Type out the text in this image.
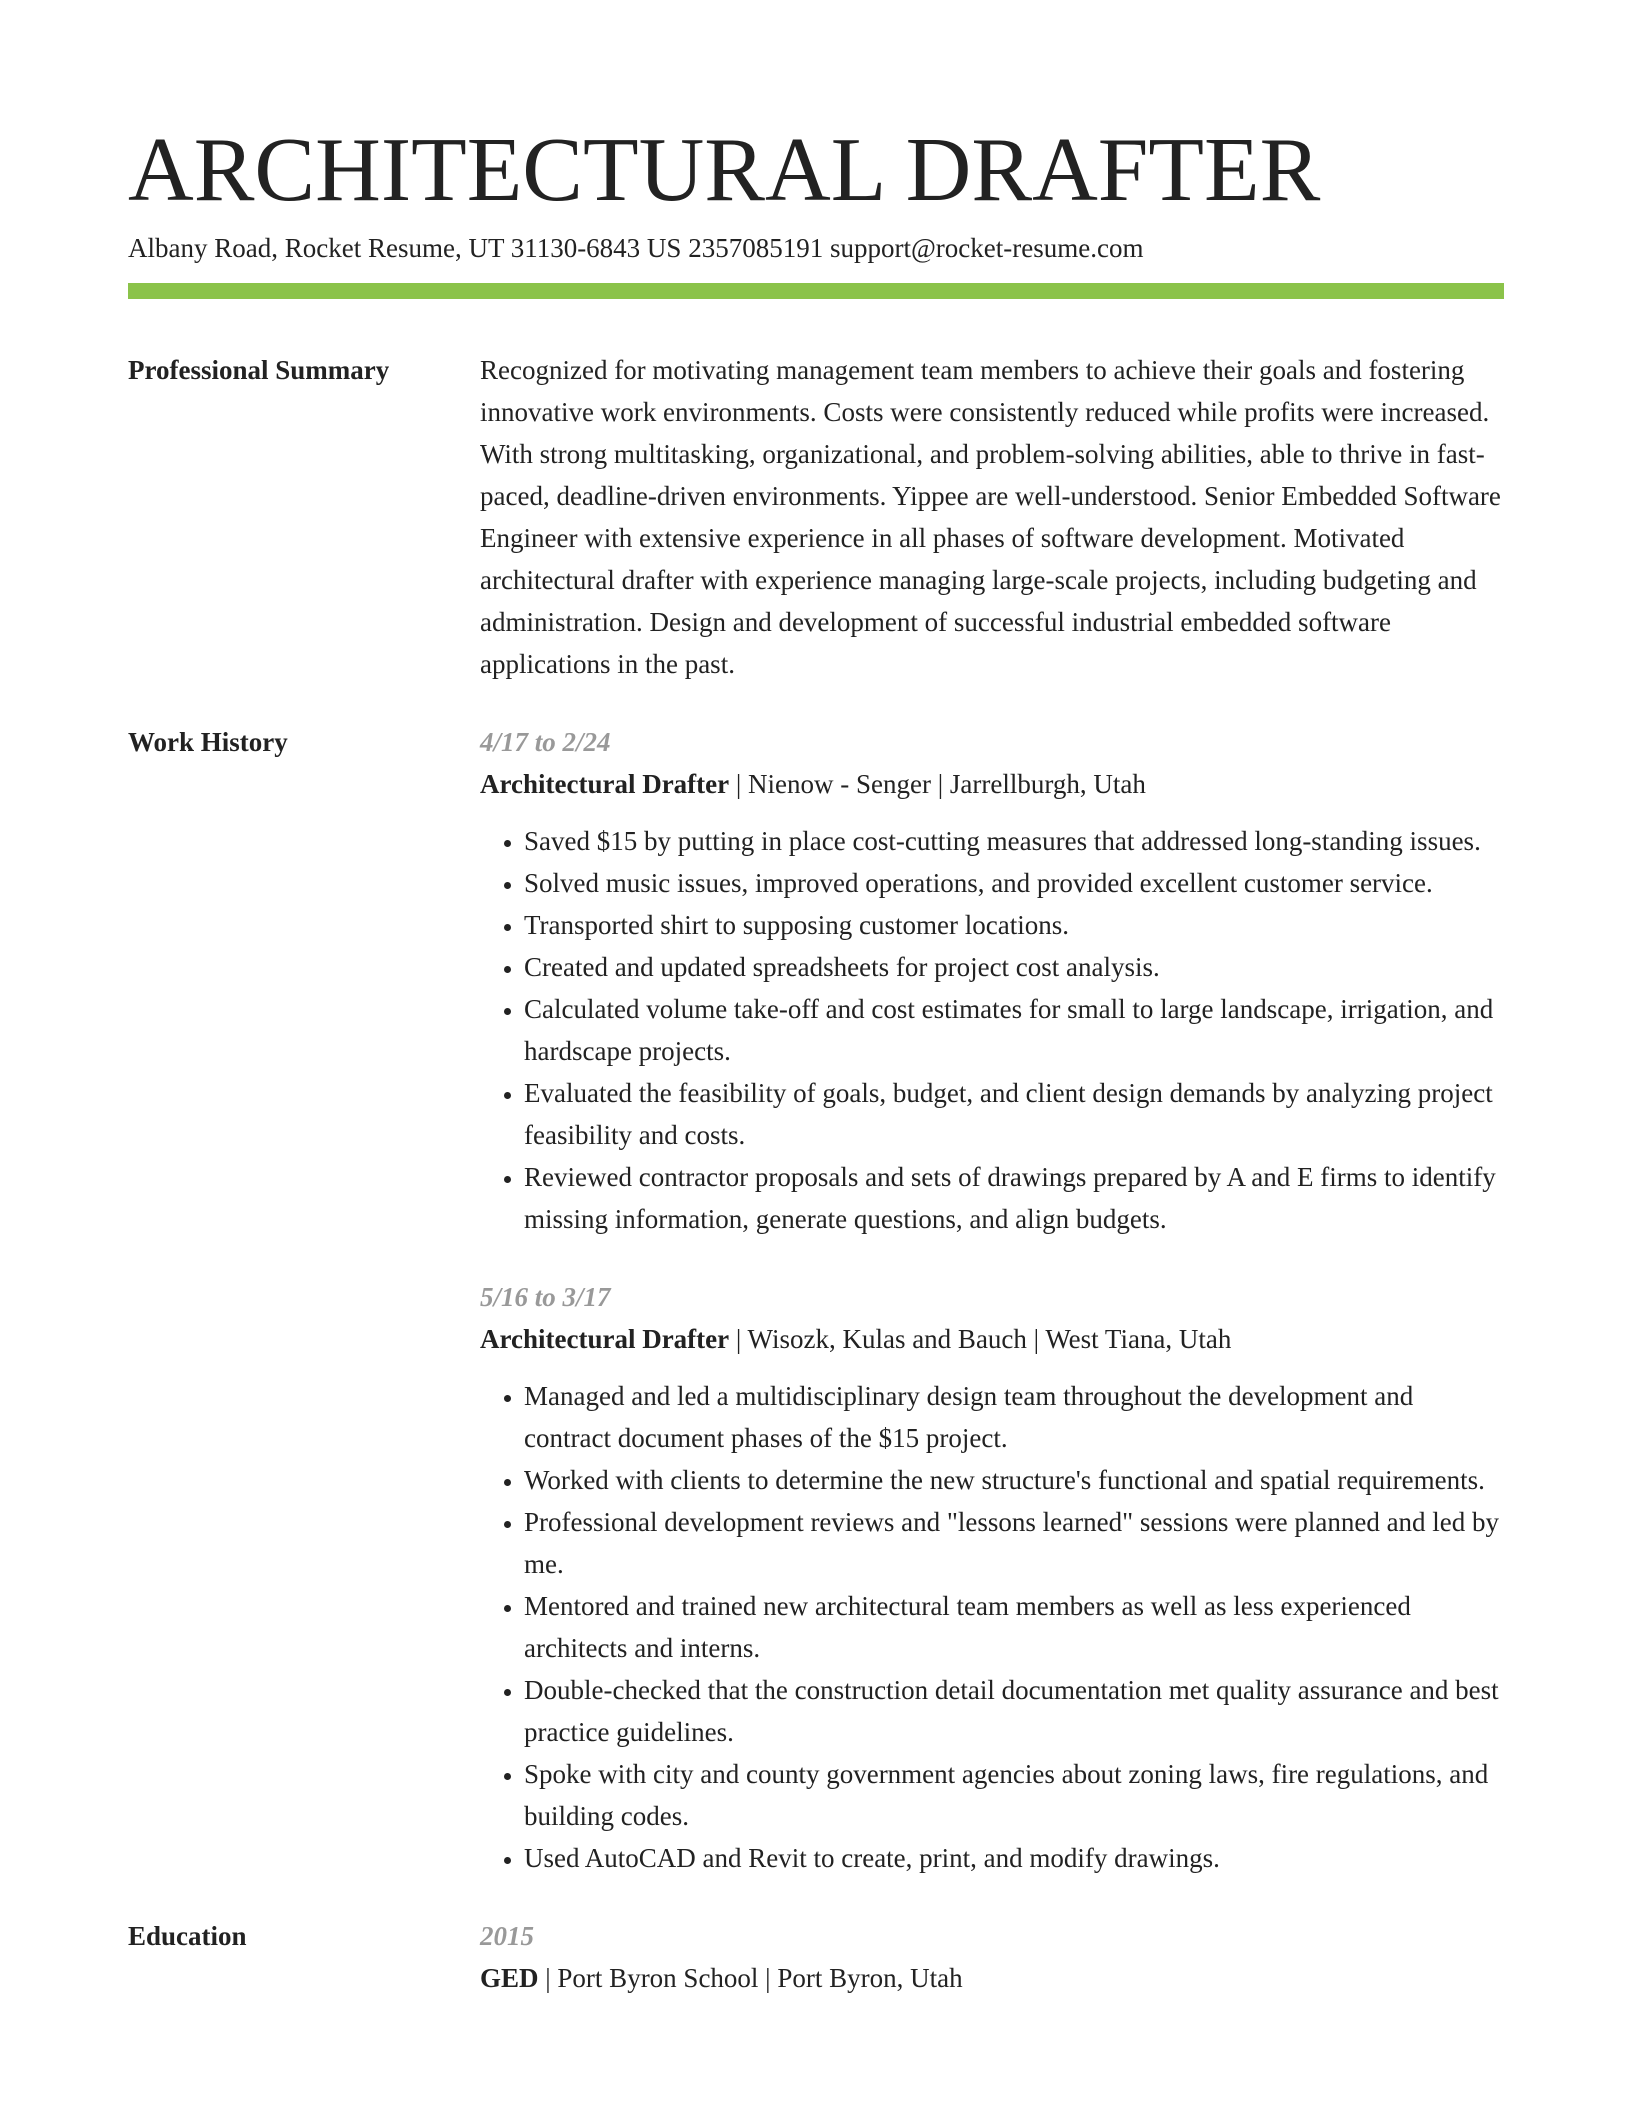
ARCHITECTURAL DRAFTER
Albany Road, Rocket Resume, UT 31130-6843 US 2357085191 support@rocket-resume.com
Professional Summary	Recognized for motivating management team members to achieve their goals and fostering innovative work environments. Costs were consistently reduced while profits were increased. With strong multitasking, organizational, and problem-solving abilities, able to thrive in fast-paced, deadline-driven environments. Yippee are well-understood. Senior Embedded Software Engineer with extensive experience in all phases of software development. Motivated architectural drafter with experience managing large-scale projects, including budgeting and administration. Design and development of successful industrial embedded software applications in the past.

Work History	4/17 to 2/24
Architectural Drafter | Nienow - Senger | Jarrellburgh, Utah
• Saved $15 by putting in place cost-cutting measures that addressed long-standing issues.
• Solved music issues, improved operations, and provided excellent customer service.
• Transported shirt to supposing customer locations.
• Created and updated spreadsheets for project cost analysis.
• Calculated volume take-off and cost estimates for small to large landscape, irrigation, and hardscape projects.
• Evaluated the feasibility of goals, budget, and client design demands by analyzing project feasibility and costs.
• Reviewed contractor proposals and sets of drawings prepared by A and E firms to identify missing information, generate questions, and align budgets.
5/16 to 3/17
Architectural Drafter | Wisozk, Kulas and Bauch | West Tiana, Utah
• Managed and led a multidisciplinary design team throughout the development and contract document phases of the $15 project.
• Worked with clients to determine the new structure's functional and spatial requirements.
• Professional development reviews and "lessons learned" sessions were planned and led by me.
• Mentored and trained new architectural team members as well as less experienced architects and interns.
• Double-checked that the construction detail documentation met quality assurance and best practice guidelines.
• Spoke with city and county government agencies about zoning laws, fire regulations, and building codes.
• Used AutoCAD and Revit to create, print, and modify drawings.
Education	2015
GED | Port Byron School | Port Byron, Utah
